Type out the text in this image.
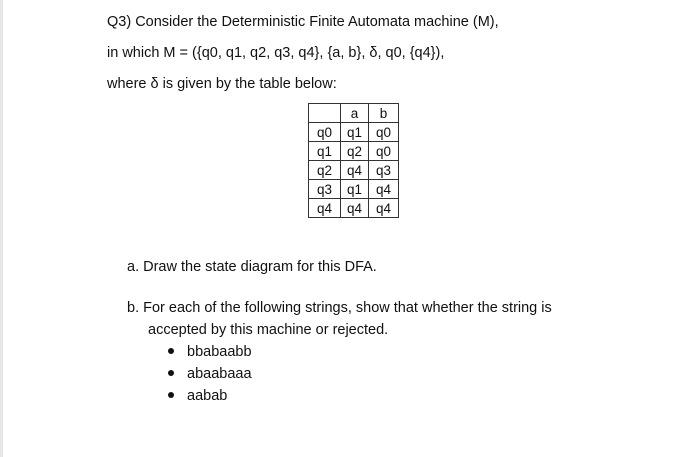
Q3) Consider the Deterministic Finite Automata machine (M),
in which M = ({q0, q1, q2, q3, q4}, {a, b}, δ, q0, {q4}),
where δ is given by the table below:
	a	b
q0	q1	q0
q1	q2	q0
q2	q4	q3
q3	q1	q4
q4	q4	q4
a. Draw the state diagram for this DFA.
b. For each of the following strings, show that whether the string is
accepted by this machine or rejected.
bbabaabb
abaabaaa
aabab
